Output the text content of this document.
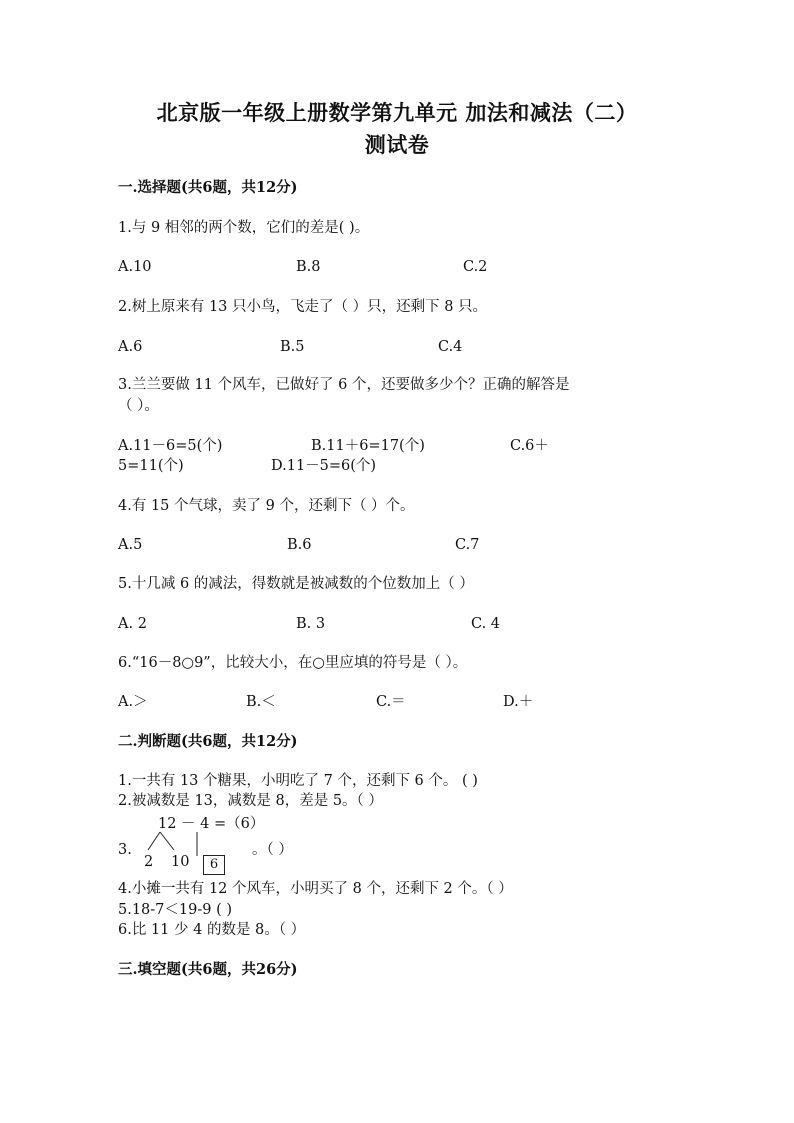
北京版一年级上册数学第九单元 加法和减法（二）
测试卷
一.选择题(共6题，共12分)
1.与 9 相邻的两个数，它们的差是( )。
A.10	B.8	C.2
2.树上原来有 13 只小鸟，飞走了（ ）只，还剩下 8 只。
A.6	B.5	C.4
3.兰兰要做 11 个风车，已做好了 6 个，还要做多少个？正确的解答是
（ ）。
A.11－6=5(个)	B.11＋6=17(个)	C.6＋
5=11(个)	D.11－5=6(个)
4.有 15 个气球，卖了 9 个，还剩下（ ）个。
A.5	B.6	C.7
5.十几减 6 的减法，得数就是被减数的个位数加上（ ）
A. 2	B. 3	C. 4
6.“16－8○9”，比较大小，在○里应填的符号是（ ）。
A.＞	B.＜	C.＝	D.＋
二.判断题(共6题，共12分)
1.一共有 13 个糖果，小明吃了 7 个，还剩下 6 个。 ( )
2.被减数是 13，减数是 8，差是 5。（ ）
3.
12 － 4 =（6）
2 10	6
。（ ）
4.小摊一共有 12 个风车，小明买了 8 个，还剩下 2 个。（ ）
5.18-7＜19-9 ( )
6.比 11 少 4 的数是 8。（ ）
三.填空题(共6题，共26分)
